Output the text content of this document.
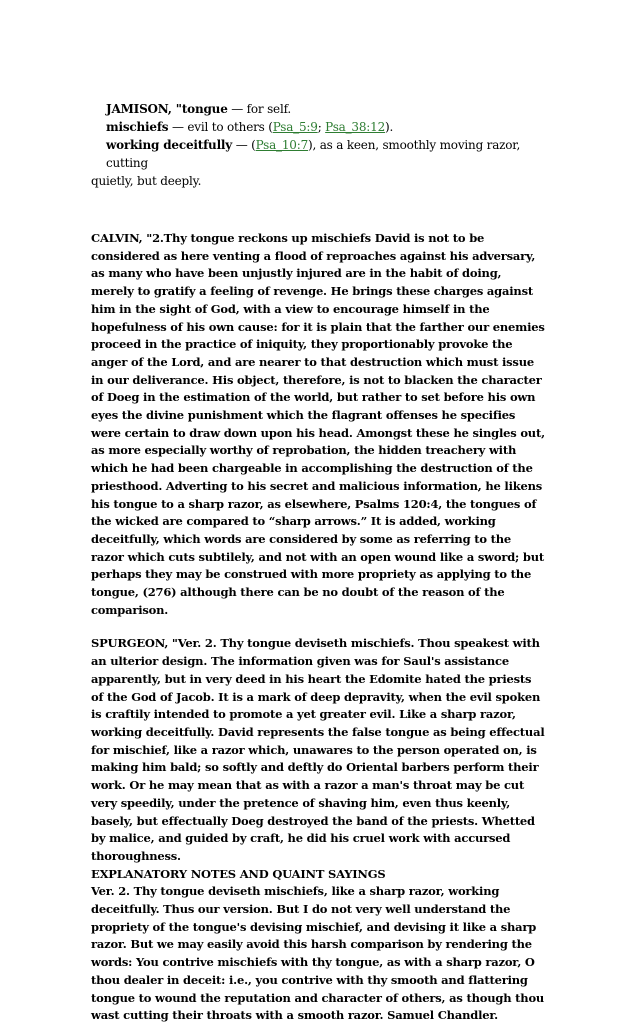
JAMISON, "tongue — for self.
mischiefs — evil to others (Psa_5:9; Psa_38:12).
working deceitfully — (Psa_10:7), as a keen, smoothly moving razor, cutting
quietly, but deeply.

CALVIN, "2.Thy tongue reckons up mischiefs David is not to be considered as here venting a flood of reproaches against his adversary, as many who have been unjustly injured are in the habit of doing, merely to gratify a feeling of revenge. He brings these charges against him in the sight of God, with a view to encourage himself in the hopefulness of his own cause: for it is plain that the farther our enemies proceed in the practice of iniquity, they proportionably provoke the anger of the Lord, and are nearer to that destruction which must issue in our deliverance. His object, therefore, is not to blacken the character of Doeg in the estimation of the world, but rather to set before his own eyes the divine punishment which the flagrant offenses he specifies were certain to draw down upon his head. Amongst these he singles out, as more especially worthy of reprobation, the hidden treachery with which he had been chargeable in accomplishing the destruction of the priesthood. Adverting to his secret and malicious information, he likens his tongue to a sharp razor, as elsewhere, Psalms 120:4, the tongues of the wicked are compared to “sharp arrows.” It is added, working deceitfully, which words are considered by some as referring to the razor which cuts subtilely, and not with an open wound like a sword; but perhaps they may be construed with more propriety as applying to the tongue, (276) although there can be no doubt of the reason of the comparison.

SPURGEON, "Ver. 2. Thy tongue deviseth mischiefs. Thou speakest with an ulterior design. The information given was for Saul's assistance apparently, but in very deed in his heart the Edomite hated the priests of the God of Jacob. It is a mark of deep depravity, when the evil spoken is craftily intended to promote a yet greater evil. Like a sharp razor, working deceitfully. David represents the false tongue as being effectual for mischief, like a razor which, unawares to the person operated on, is making him bald; so softly and deftly do Oriental barbers perform their work. Or he may mean that as with a razor a man's throat may be cut very speedily, under the pretence of shaving him, even thus keenly, basely, but effectually Doeg destroyed the band of the priests. Whetted by malice, and guided by craft, he did his cruel work with accursed thoroughness.

EXPLANATORY NOTES AND QUAINT SAYINGS

Ver. 2. Thy tongue deviseth mischiefs, like a sharp razor, working deceitfully. Thus our version. But I do not very well understand the propriety of the tongue's devising mischief, and devising it like a sharp razor. But we may easily avoid this harsh comparison by rendering the words: You contrive mischiefs with thy tongue, as with a sharp razor, O thou dealer in deceit: i.e., you contrive with thy smooth and flattering tongue to wound the reputation and character of others, as though thou wast cutting their throats with a smooth razor. Samuel Chandler.
